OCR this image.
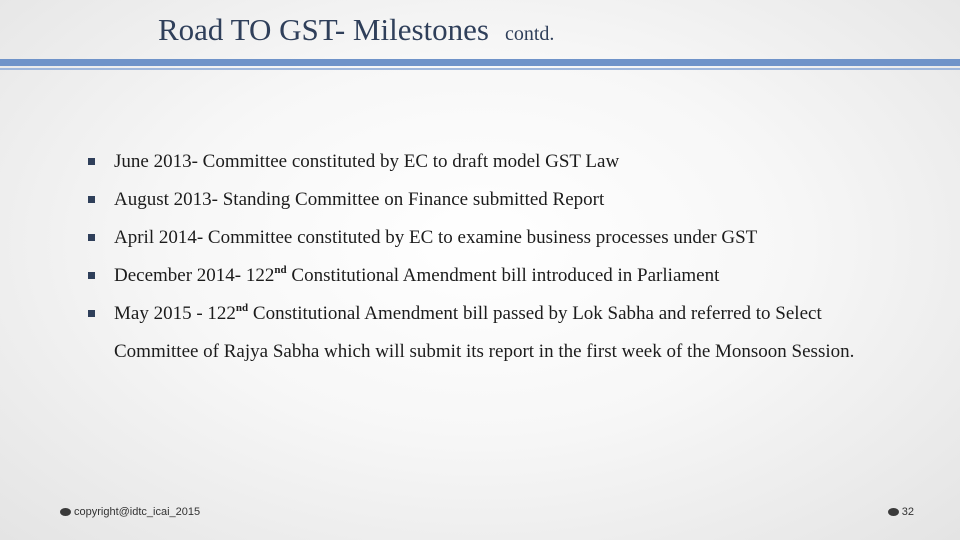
Road TO GST- Milestones contd.
June 2013- Committee constituted by EC to draft model GST Law
August 2013- Standing Committee on Finance submitted Report
April 2014- Committee constituted by EC to examine business processes under GST
December 2014- 122nd Constitutional Amendment bill introduced in Parliament
May 2015 - 122nd Constitutional Amendment bill passed by Lok Sabha and referred to Select Committee of Rajya Sabha which will submit its report in the first week of the Monsoon Session.
copyright@idtc_icai_2015	32
